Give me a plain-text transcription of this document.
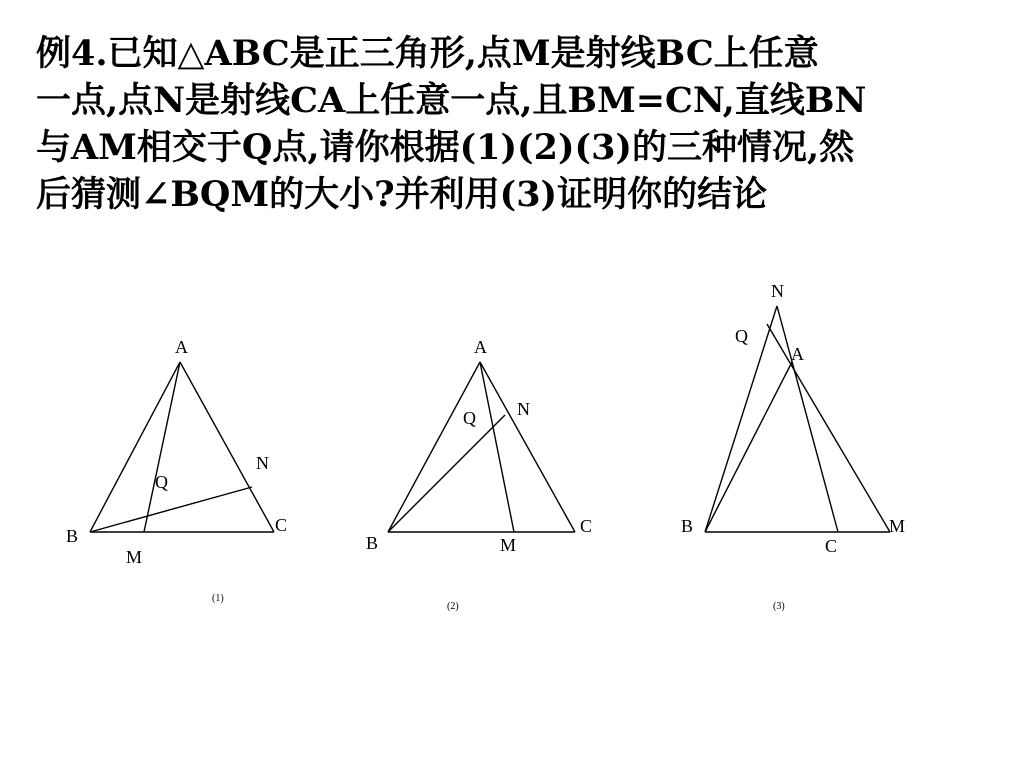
例4.已知△ABC是正三角形,点M是射线BC上任意
一点,点N是射线CA上任意一点,且BM=CN,直线BN
与AM相交于Q点,请你根据(1)(2)(3)的三种情况,然
后猜测∠BQM的大小?并利用(3)证明你的结论
A
B
C
M
N
Q
(1)
A
B
C
M
N
Q
(2)
A
B
C
M
N
Q
(3)
